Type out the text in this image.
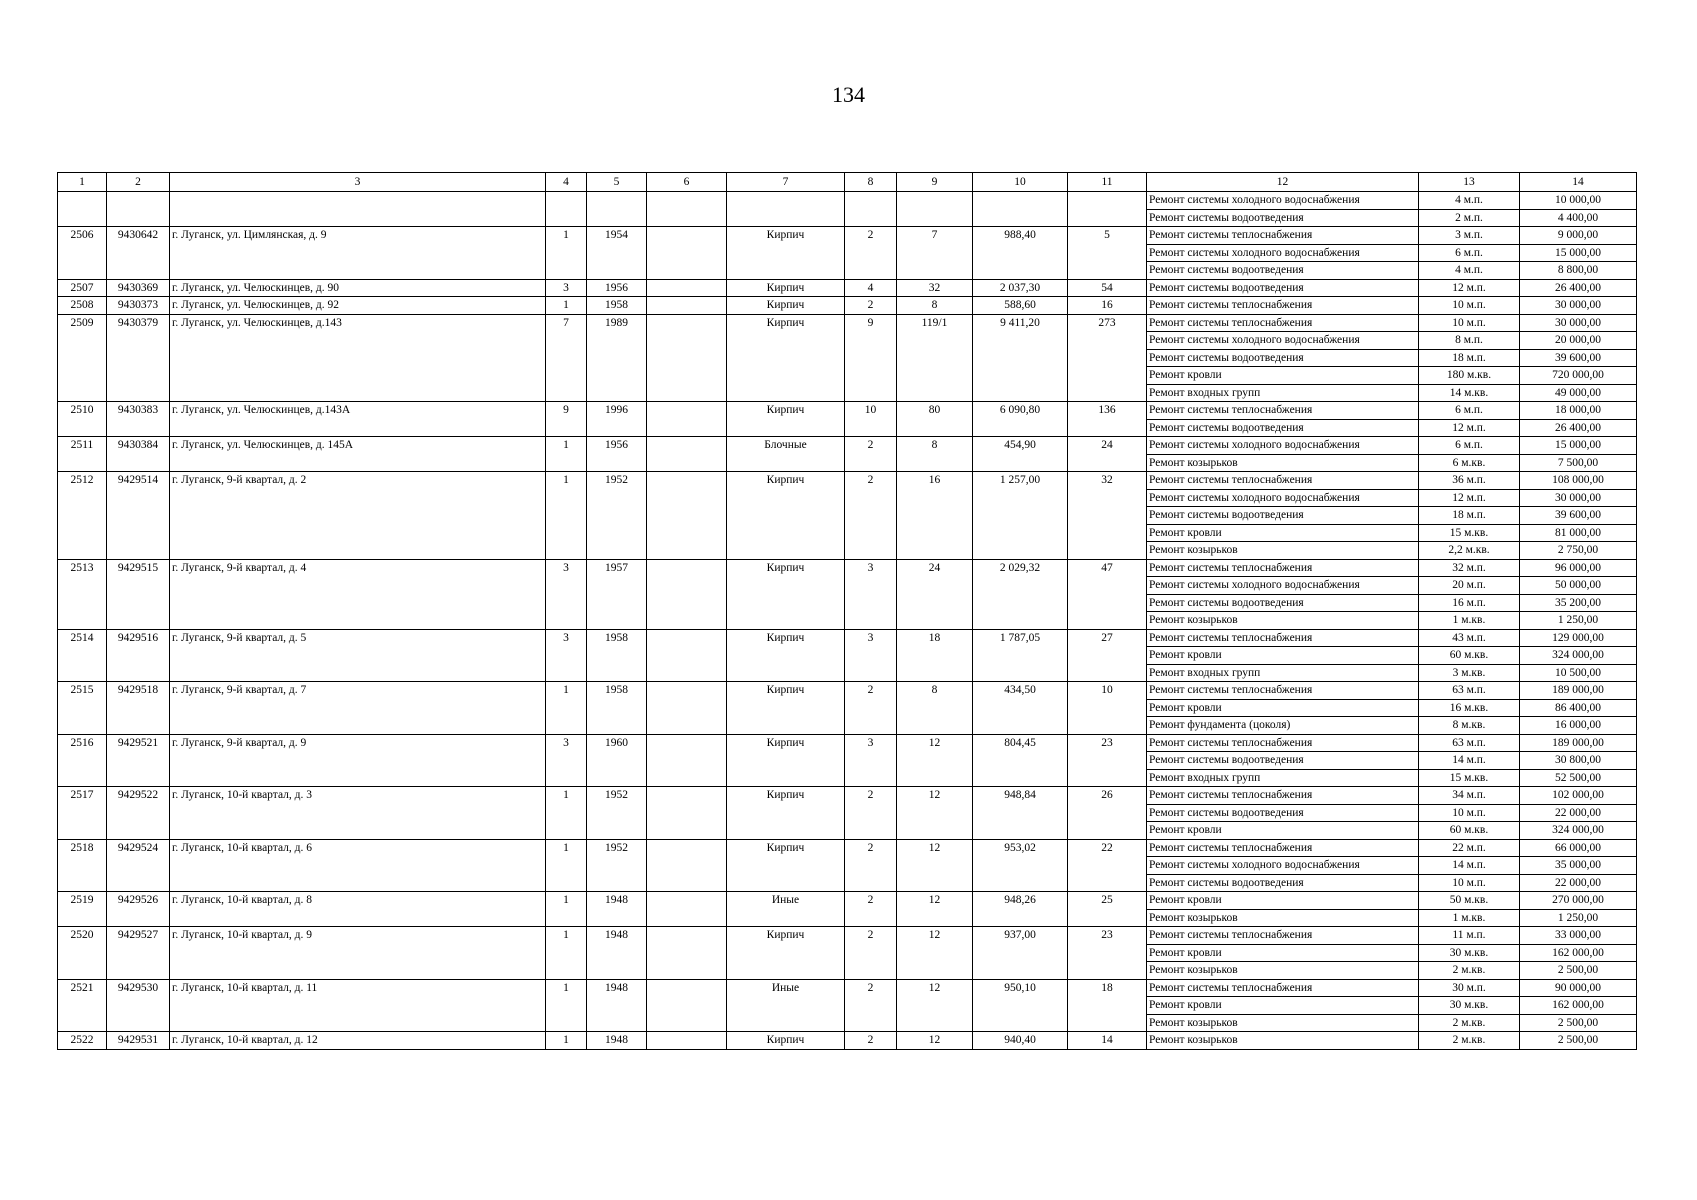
134
1	2	3	4	5	6	7	8	9	10	11	12	13	14
											Ремонт системы холодного водоснабжения	4 м.п.	10 000,00
											Ремонт системы водоотведения	2 м.п.	4 400,00
2506	9430642	г. Луганск, ул. Цимлянская, д. 9	1	1954		Кирпич	2	7	988,40	5	Ремонт системы теплоснабжения	3 м.п.	9 000,00
											Ремонт системы холодного водоснабжения	6 м.п.	15 000,00
											Ремонт системы водоотведения	4 м.п.	8 800,00
2507	9430369	г. Луганск, ул. Челюскинцев, д. 90	3	1956		Кирпич	4	32	2 037,30	54	Ремонт системы водоотведения	12 м.п.	26 400,00
2508	9430373	г. Луганск, ул. Челюскинцев, д. 92	1	1958		Кирпич	2	8	588,60	16	Ремонт системы теплоснабжения	10 м.п.	30 000,00
2509	9430379	г. Луганск, ул. Челюскинцев, д.143	7	1989		Кирпич	9	119/1	9 411,20	273	Ремонт системы теплоснабжения	10 м.п.	30 000,00
											Ремонт системы холодного водоснабжения	8 м.п.	20 000,00
											Ремонт системы водоотведения	18 м.п.	39 600,00
											Ремонт кровли	180 м.кв.	720 000,00
											Ремонт входных групп	14 м.кв.	49 000,00
2510	9430383	г. Луганск, ул. Челюскинцев, д.143А	9	1996		Кирпич	10	80	6 090,80	136	Ремонт системы теплоснабжения	6 м.п.	18 000,00
											Ремонт системы водоотведения	12 м.п.	26 400,00
2511	9430384	г. Луганск, ул. Челюскинцев, д. 145А	1	1956		Блочные	2	8	454,90	24	Ремонт системы холодного водоснабжения	6 м.п.	15 000,00
											Ремонт козырьков	6 м.кв.	7 500,00
2512	9429514	г. Луганск, 9-й квартал, д. 2	1	1952		Кирпич	2	16	1 257,00	32	Ремонт системы теплоснабжения	36 м.п.	108 000,00
											Ремонт системы холодного водоснабжения	12 м.п.	30 000,00
											Ремонт системы водоотведения	18 м.п.	39 600,00
											Ремонт кровли	15 м.кв.	81 000,00
											Ремонт козырьков	2,2 м.кв.	2 750,00
2513	9429515	г. Луганск, 9-й квартал, д. 4	3	1957		Кирпич	3	24	2 029,32	47	Ремонт системы теплоснабжения	32 м.п.	96 000,00
											Ремонт системы холодного водоснабжения	20 м.п.	50 000,00
											Ремонт системы водоотведения	16 м.п.	35 200,00
											Ремонт козырьков	1 м.кв.	1 250,00
2514	9429516	г. Луганск, 9-й квартал, д. 5	3	1958		Кирпич	3	18	1 787,05	27	Ремонт системы теплоснабжения	43 м.п.	129 000,00
											Ремонт кровли	60 м.кв.	324 000,00
											Ремонт входных групп	3 м.кв.	10 500,00
2515	9429518	г. Луганск, 9-й квартал, д. 7	1	1958		Кирпич	2	8	434,50	10	Ремонт системы теплоснабжения	63 м.п.	189 000,00
											Ремонт кровли	16 м.кв.	86 400,00
											Ремонт фундамента (цоколя)	8 м.кв.	16 000,00
2516	9429521	г. Луганск, 9-й квартал, д. 9	3	1960		Кирпич	3	12	804,45	23	Ремонт системы теплоснабжения	63 м.п.	189 000,00
											Ремонт системы водоотведения	14 м.п.	30 800,00
											Ремонт входных групп	15 м.кв.	52 500,00
2517	9429522	г. Луганск, 10-й квартал, д. 3	1	1952		Кирпич	2	12	948,84	26	Ремонт системы теплоснабжения	34 м.п.	102 000,00
											Ремонт системы водоотведения	10 м.п.	22 000,00
											Ремонт кровли	60 м.кв.	324 000,00
2518	9429524	г. Луганск, 10-й квартал, д. 6	1	1952		Кирпич	2	12	953,02	22	Ремонт системы теплоснабжения	22 м.п.	66 000,00
											Ремонт системы холодного водоснабжения	14 м.п.	35 000,00
											Ремонт системы водоотведения	10 м.п.	22 000,00
2519	9429526	г. Луганск, 10-й квартал, д. 8	1	1948		Иные	2	12	948,26	25	Ремонт кровли	50 м.кв.	270 000,00
											Ремонт козырьков	1 м.кв.	1 250,00
2520	9429527	г. Луганск, 10-й квартал, д. 9	1	1948		Кирпич	2	12	937,00	23	Ремонт системы теплоснабжения	11 м.п.	33 000,00
											Ремонт кровли	30 м.кв.	162 000,00
											Ремонт козырьков	2 м.кв.	2 500,00
2521	9429530	г. Луганск, 10-й квартал, д. 11	1	1948		Иные	2	12	950,10	18	Ремонт системы теплоснабжения	30 м.п.	90 000,00
											Ремонт кровли	30 м.кв.	162 000,00
											Ремонт козырьков	2 м.кв.	2 500,00
2522	9429531	г. Луганск, 10-й квартал, д. 12	1	1948		Кирпич	2	12	940,40	14	Ремонт козырьков	2 м.кв.	2 500,00
